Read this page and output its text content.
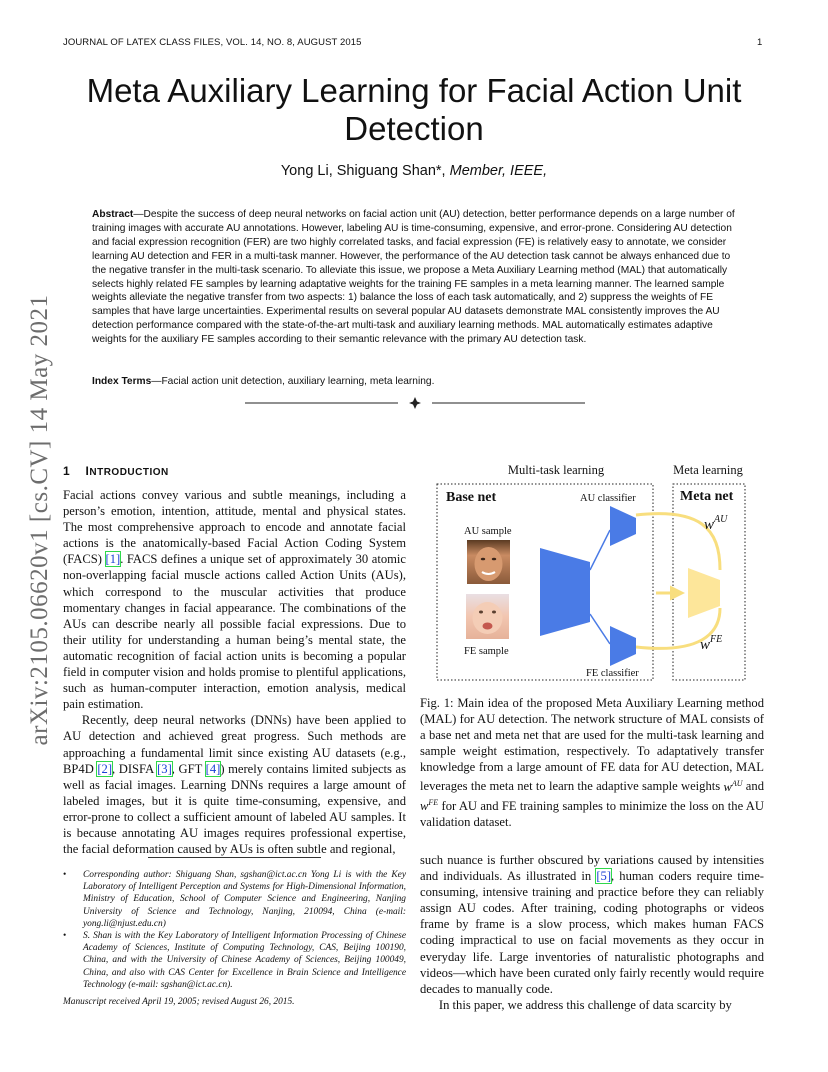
JOURNAL OF LATEX CLASS FILES, VOL. 14, NO. 8, AUGUST 2015	1
Meta Auxiliary Learning for Facial Action Unit Detection
Yong Li, Shiguang Shan*, Member, IEEE,
Abstract—Despite the success of deep neural networks on facial action unit (AU) detection, better performance depends on a large number of training images with accurate AU annotations. However, labeling AU is time-consuming, expensive, and error-prone. Considering AU detection and facial expression recognition (FER) are two highly correlated tasks, and facial expression (FE) is relatively easy to annotate, we consider learning AU detection and FER in a multi-task manner. However, the performance of the AU detection task cannot be always enhanced due to the negative transfer in the multi-task scenario. To alleviate this issue, we propose a Meta Auxiliary Learning method (MAL) that automatically selects highly related FE samples by learning adaptative weights for the training FE samples in a meta learning manner. The learned sample weights alleviate the negative transfer from two aspects: 1) balance the loss of each task automatically, and 2) suppress the weights of FE samples that have large uncertainties. Experimental results on several popular AU datasets demonstrate MAL consistently improves the AU detection performance compared with the state-of-the-art multi-task and auxiliary learning methods. MAL automatically estimates adaptive weights for the auxiliary FE samples according to their semantic relevance with the primary AU detection task.
Index Terms—Facial action unit detection, auxiliary learning, meta learning.
arXiv:2105.06620v1 [cs.CV] 14 May 2021 1 INTRODUCTION

Facial actions convey various and subtle meanings, including a person’s emotion, intention, attitude, mental and physical states. The most comprehensive approach to encode and annotate facial actions is the anatomically-based Facial Action Coding System (FACS) [1]. FACS defines a unique set of approximately 30 atomic non-overlapping facial muscle actions called Action Units (AUs), which correspond to the muscular activities that produce momentary changes in facial appearance. The combinations of the AUs can describe nearly all possible facial expressions. Due to their utility for understanding a human being’s mental state, the automatic recognition of facial action units is becoming a popular field in computer vision and holds promise to plentiful applications, such as human-computer interaction, emotion analysis, medical pain estimation.

Recently, deep neural networks (DNNs) have been applied to AU detection and achieved great progress. Such methods are approaching a fundamental limit since existing AU datasets (e.g., BP4D [2], DISFA [3], GFT [4]) merely contains limited subjects as well as facial images. Learning DNNs requires a large amount of labeled images, but it is quite time-consuming, expensive, and error-prone to collect a sufficient amount of labeled AU samples. It is because annotating AU images requires professional expertise, the facial deformation caused by AUs is often subtle and regional,

• Corresponding author: Shiguang Shan, sgshan@ict.ac.cn Yong Li is with the Key Laboratory of Intelligent Perception and Systems for High-Dimensional Information, Ministry of Education, School of Computer Science and Engineering, Nanjing University of Science and Technology, Nanjing, 210094, China (e-mail: yong.li@njust.edu.cn)

• S. Shan is with the Key Laboratory of Intelligent Information Processing of Chinese Academy of Sciences, Institute of Computing Technology, CAS, Beijing 100190, China, and with the University of Chinese Academy of Sciences, Beijing 100049, China, and also with CAS Center for Excellence in Brain Science and Intelligence Technology (e-mail: sgshan@ict.ac.cn).

Manuscript received April 19, 2005; revised August 26, 2015.
Multi-task learning	Meta learning
Base net	Meta net
AU classifier
FE classifier
AU sample
FE sample
$w^{AU}$
$w^{FE}$
Fig. 1: Main idea of the proposed Meta Auxiliary Learning method (MAL) for AU detection. The network structure of MAL consists of a base net and meta net that are used for the multi-task learning and sample weight estimation, respectively. To adaptatively transfer knowledge from a large amount of FE data for AU detection, MAL leverages the meta net to learn the adaptive sample weights $w^{AU}$ and $w^{FE}$ for AU and FE training samples to minimize the loss on the AU validation dataset.

such nuance is further obscured by variations caused by intensities and individuals. As illustrated in [5], human coders require time-consuming, intensive training and practice before they can reliably assign AU codes. After training, coding photographs or videos frame by frame is a slow process, which makes human FACS coding impractical to use on facial movements as they occur in everyday life. Large inventories of naturalistic photographs and videos—which have been curated only fairly recently would require decades to manually code.

In this paper, we address this challenge of data scarcity by
